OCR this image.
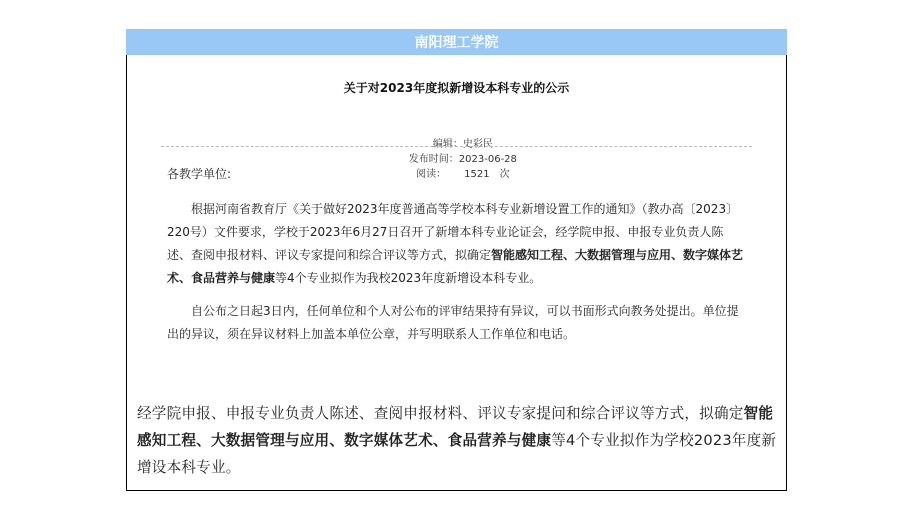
南阳理工学院
关于对2023年度拟新增设本科专业的公示

编辑：史彩民
发布时间：2023-06-28
阅读： 1521 次

各教学单位:

根据河南省教育厅《关于做好2023年度普通高等学校本科专业新增设置工作的通知》（教办高〔2023〕220号）文件要求，学校于2023年6月27日召开了新增本科专业论证会，经学院申报、申报专业负责人陈述、查阅申报材料、评议专家提问和综合评议等方式，拟确定智能感知工程、大数据管理与应用、数字媒体艺术、食品营养与健康等4个专业拟作为我校2023年度新增设本科专业。

自公布之日起3日内，任何单位和个人对公布的评审结果持有异议，可以书面形式向教务处提出。单位提出的异议，须在异议材料上加盖本单位公章，并写明联系人工作单位和电话。

经学院申报、申报专业负责人陈述、查阅申报材料、评议专家提问和综合评议等方式，拟确定智能感知工程、大数据管理与应用、数字媒体艺术、食品营养与健康等4个专业拟作为学校2023年度新增设本科专业。
